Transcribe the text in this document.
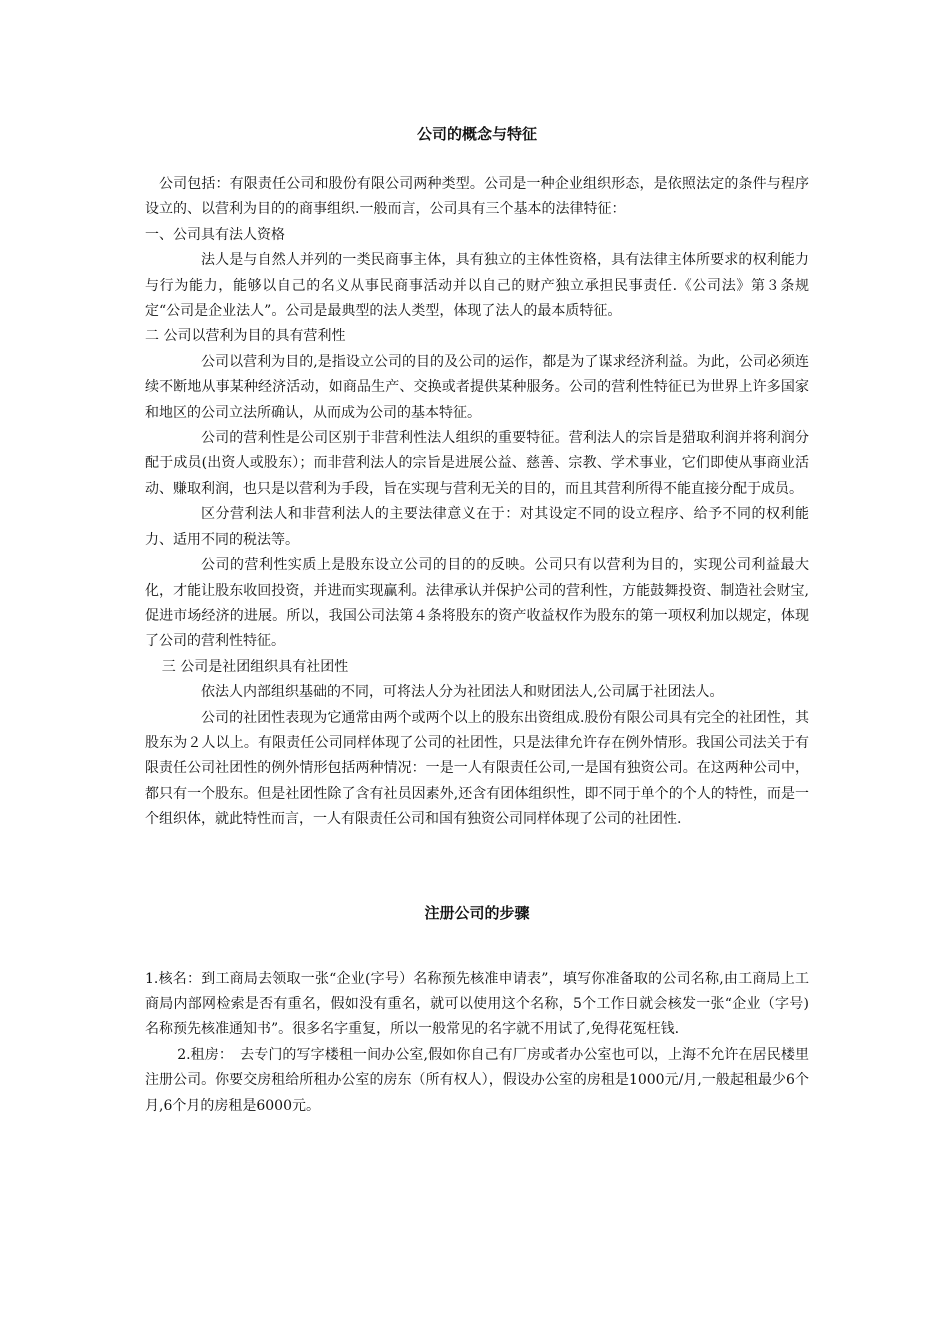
公司的概念与特征

公司包括：有限责任公司和股份有限公司两种类型。公司是一种企业组织形态，是依照法定的条件与程序设立的、以营利为目的的商事组织.一般而言，公司具有三个基本的法律特征：

一、公司具有法人资格

法人是与自然人并列的一类民商事主体，具有独立的主体性资格，具有法律主体所要求的权利能力与行为能力，能够以自己的名义从事民商事活动并以自己的财产独立承担民事责任.《公司法》第３条规定“公司是企业法人”。公司是最典型的法人类型，体现了法人的最本质特征。

二 公司以营利为目的具有营利性

公司以营利为目的,是指设立公司的目的及公司的运作，都是为了谋求经济利益。为此，公司必须连续不断地从事某种经济活动，如商品生产、交换或者提供某种服务。公司的营利性特征已为世界上许多国家和地区的公司立法所确认，从而成为公司的基本特征。

公司的营利性是公司区别于非营利性法人组织的重要特征。营利法人的宗旨是猎取利润并将利润分配于成员(出资人或股东）；而非营利法人的宗旨是进展公益、慈善、宗教、学术事业，它们即使从事商业活动、赚取利润，也只是以营利为手段，旨在实现与营利无关的目的，而且其营利所得不能直接分配于成员。

区分营利法人和非营利法人的主要法律意义在于：对其设定不同的设立程序、给予不同的权利能力、适用不同的税法等。

公司的营利性实质上是股东设立公司的目的的反映。公司只有以营利为目的，实现公司利益最大化，才能让股东收回投资，并进而实现赢利。法律承认并保护公司的营利性，方能鼓舞投资、制造社会财宝,促进市场经济的进展。所以，我国公司法第４条将股东的资产收益权作为股东的第一项权利加以规定，体现了公司的营利性特征。

三 公司是社团组织具有社团性

依法人内部组织基础的不同，可将法人分为社团法人和财团法人,公司属于社团法人。

公司的社团性表现为它通常由两个或两个以上的股东出资组成.股份有限公司具有完全的社团性，其股东为２人以上。有限责任公司同样体现了公司的社团性，只是法律允许存在例外情形。我国公司法关于有限责任公司社团性的例外情形包括两种情况：一是一人有限责任公司,一是国有独资公司。在这两种公司中，都只有一个股东。但是社团性除了含有社员因素外,还含有团体组织性，即不同于单个的个人的特性，而是一个组织体，就此特性而言，一人有限责任公司和国有独资公司同样体现了公司的社团性.

注册公司的步骤

1.核名：到工商局去领取一张“企业(字号）名称预先核准申请表”，填写你准备取的公司名称,由工商局上工商局内部网检索是否有重名，假如没有重名，就可以使用这个名称，5个工作日就会核发一张“企业（字号)名称预先核准通知书”。很多名字重复，所以一般常见的名字就不用试了,免得花冤枉钱.

2.租房：　去专门的写字楼租一间办公室,假如你自己有厂房或者办公室也可以，上海不允许在居民楼里注册公司。你要交房租给所租办公室的房东（所有权人），假设办公室的房租是1000元/月,一般起租最少6个月,6个月的房租是6000元。
